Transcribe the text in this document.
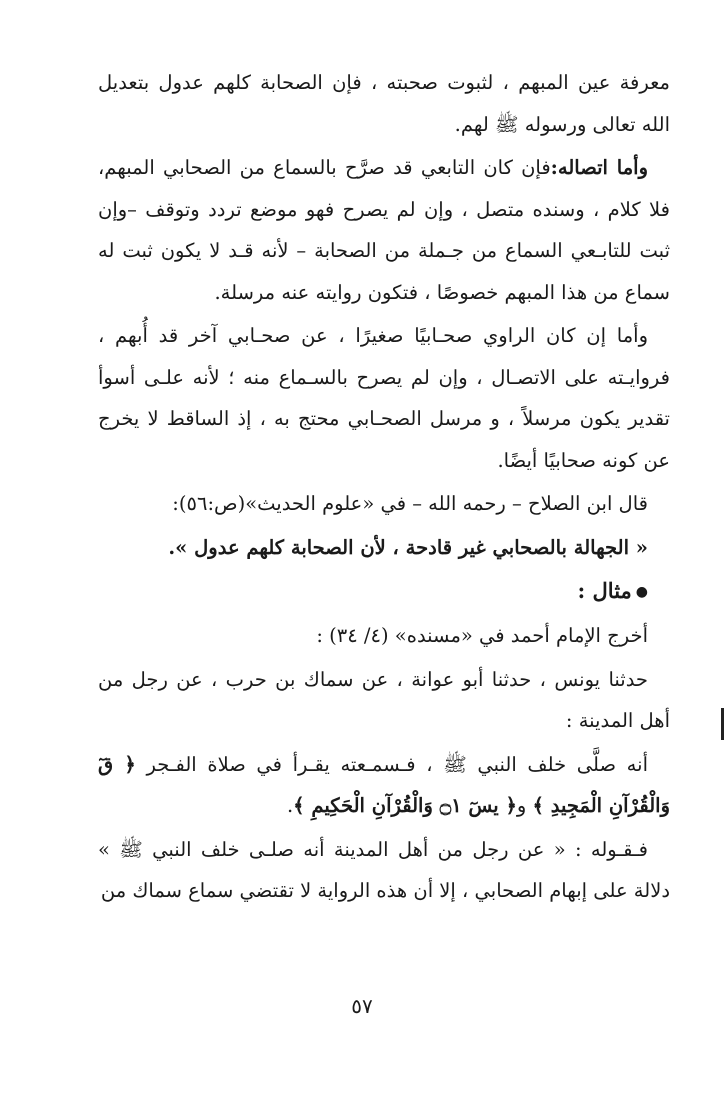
معرفة عين المبهم ، لثبوت صحبته ، فإن الصحابة كلهم عدول بتعديل الله تعالى ورسوله ﷺ لهم.

وأما اتصاله:فإن كان التابعي قد صرَّح بالسماع من الصحابي المبهم، فلا كلام ، وسنده متصل ، وإن لم يصرح فهو موضع تردد وتوقف –وإن ثبت للتابـعي السماع من جـملة من الصحابة – لأنه قـد لا يكون ثبت له سماع من هذا المبهم خصوصًا ، فتكون روايته عنه مرسلة.

وأما إن كان الراوي صحـابيًا صغيرًا ، عن صحـابي آخر قد أُبهم ، فروايـته على الاتصـال ، وإن لم يصرح بالسـماع منه ؛ لأنه علـى أسوأ تقدير يكون مرسلاً ، و مرسل الصحـابي محتج به ، إذ الساقط لا يخرج عن كونه صحابيًا أيضًا.

قال ابن الصلاح – رحمه الله – في «علوم الحديث»(ص:٥٦):

« الجهالة بالصحابي غير قادحة ، لأن الصحابة كلهم عدول ».

●مثال :

أخرج الإمام أحمد في «مسنده» (٤/ ٣٤) :

حدثنا يونس ، حدثنا أبو عوانة ، عن سماك بن حرب ، عن رجل من أهل المدينة :

أنه صلَّى خلف النبي ﷺ ، فـسمـعته يقـرأ في صلاة الفـجر ﴿ قٓ وَالْقُرْآنِ الْمَجِيدِ ﴾ و﴿ يسٓ ۝١ وَالْقُرْآنِ الْحَكِيمِ ﴾.

فـقـوله : « عن رجل من أهل المدينة أنه صلـى خلف النبي ﷺ » دلالة على إبهام الصحابي ، إلا أن هذه الرواية لا تقتضي سماع سماك من

٥٧
